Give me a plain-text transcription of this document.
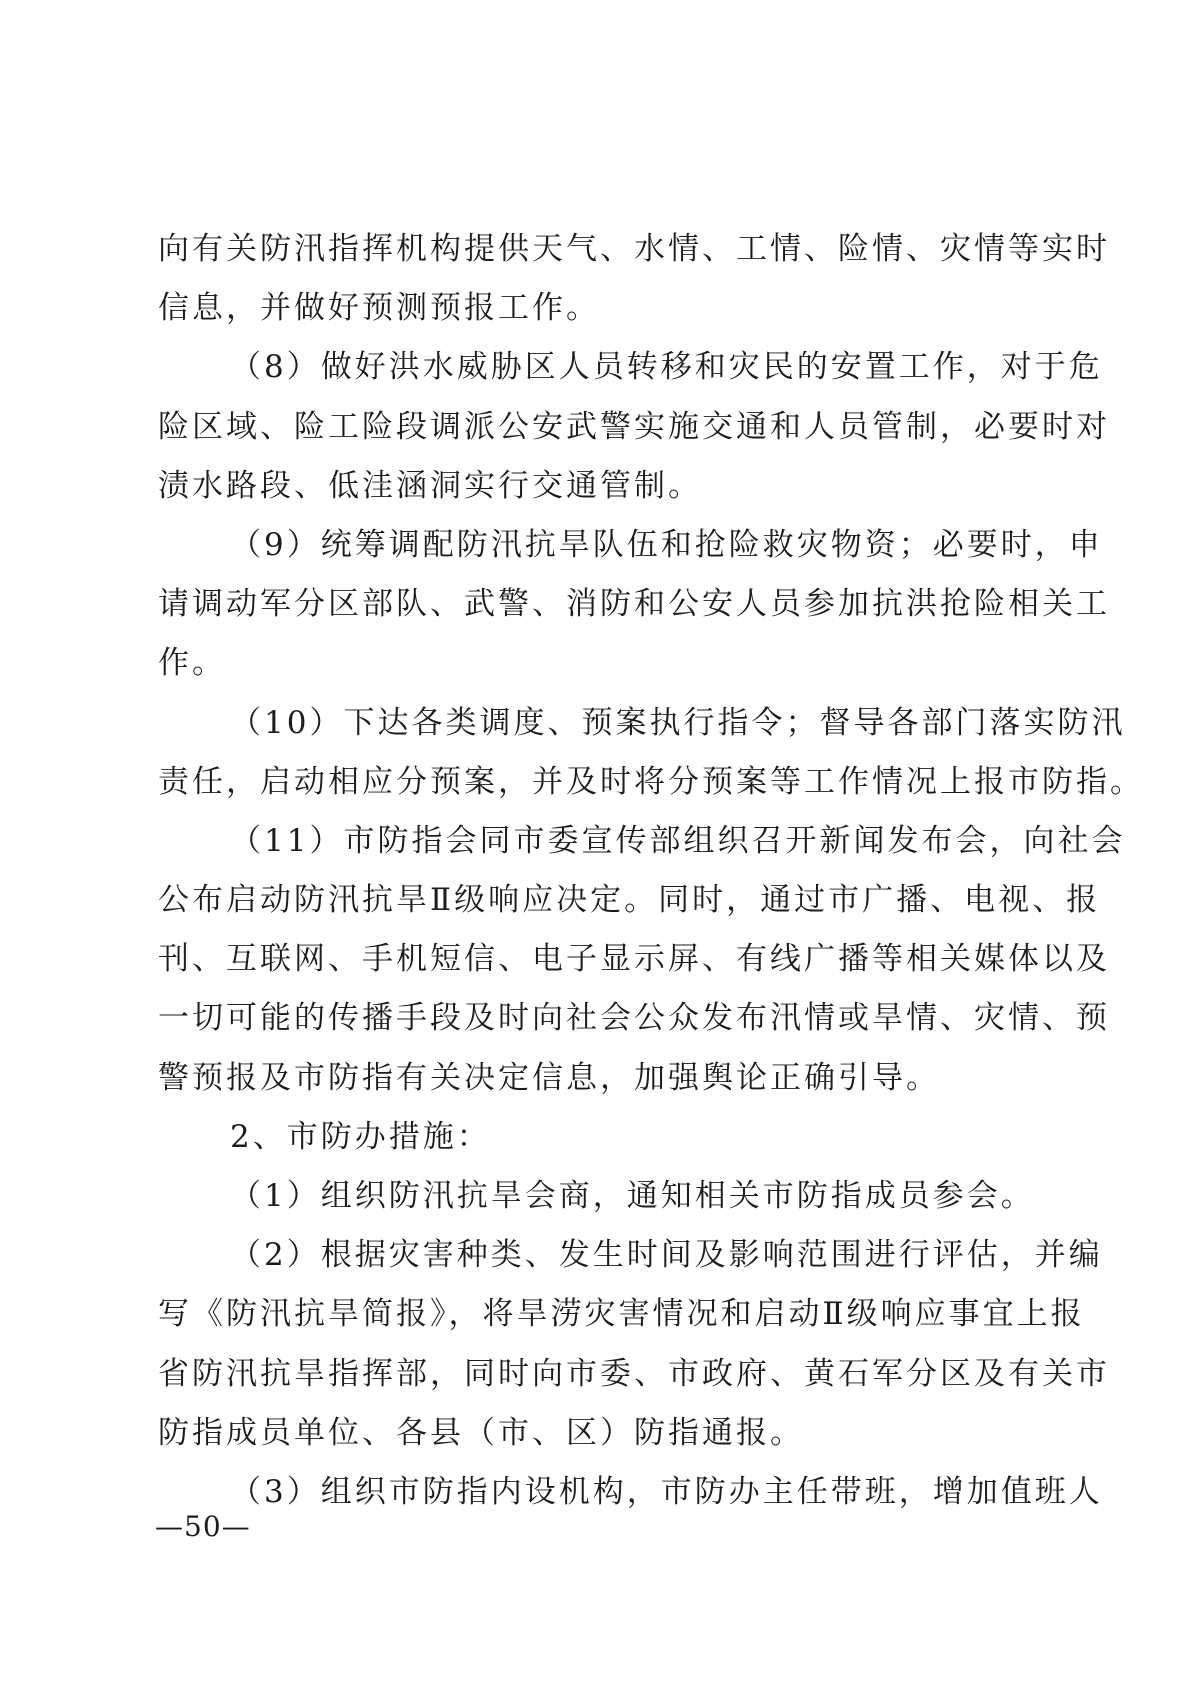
向有关防汛指挥机构提供天气、水情、工情、险情、灾情等实时
信息，并做好预测预报工作。
（8）做好洪水威胁区人员转移和灾民的安置工作，对于危
险区域、险工险段调派公安武警实施交通和人员管制，必要时对
渍水路段、低洼涵洞实行交通管制。
（9）统筹调配防汛抗旱队伍和抢险救灾物资；必要时，申
请调动军分区部队、武警、消防和公安人员参加抗洪抢险相关工
作。
（10）下达各类调度、预案执行指令；督导各部门落实防汛
责任，启动相应分预案，并及时将分预案等工作情况上报市防指。
（11）市防指会同市委宣传部组织召开新闻发布会，向社会
公布启动防汛抗旱Ⅱ级响应决定。同时，通过市广播、电视、报
刊、互联网、手机短信、电子显示屏、有线广播等相关媒体以及
一切可能的传播手段及时向社会公众发布汛情或旱情、灾情、预
警预报及市防指有关决定信息，加强舆论正确引导。
2、市防办措施：
（1）组织防汛抗旱会商，通知相关市防指成员参会。
（2）根据灾害种类、发生时间及影响范围进行评估，并编
写《防汛抗旱简报》，将旱涝灾害情况和启动Ⅱ级响应事宜上报
省防汛抗旱指挥部，同时向市委、市政府、黄石军分区及有关市
防指成员单位、各县（市、区）防指通报。
（3）组织市防指内设机构，市防办主任带班，增加值班人
—50—
